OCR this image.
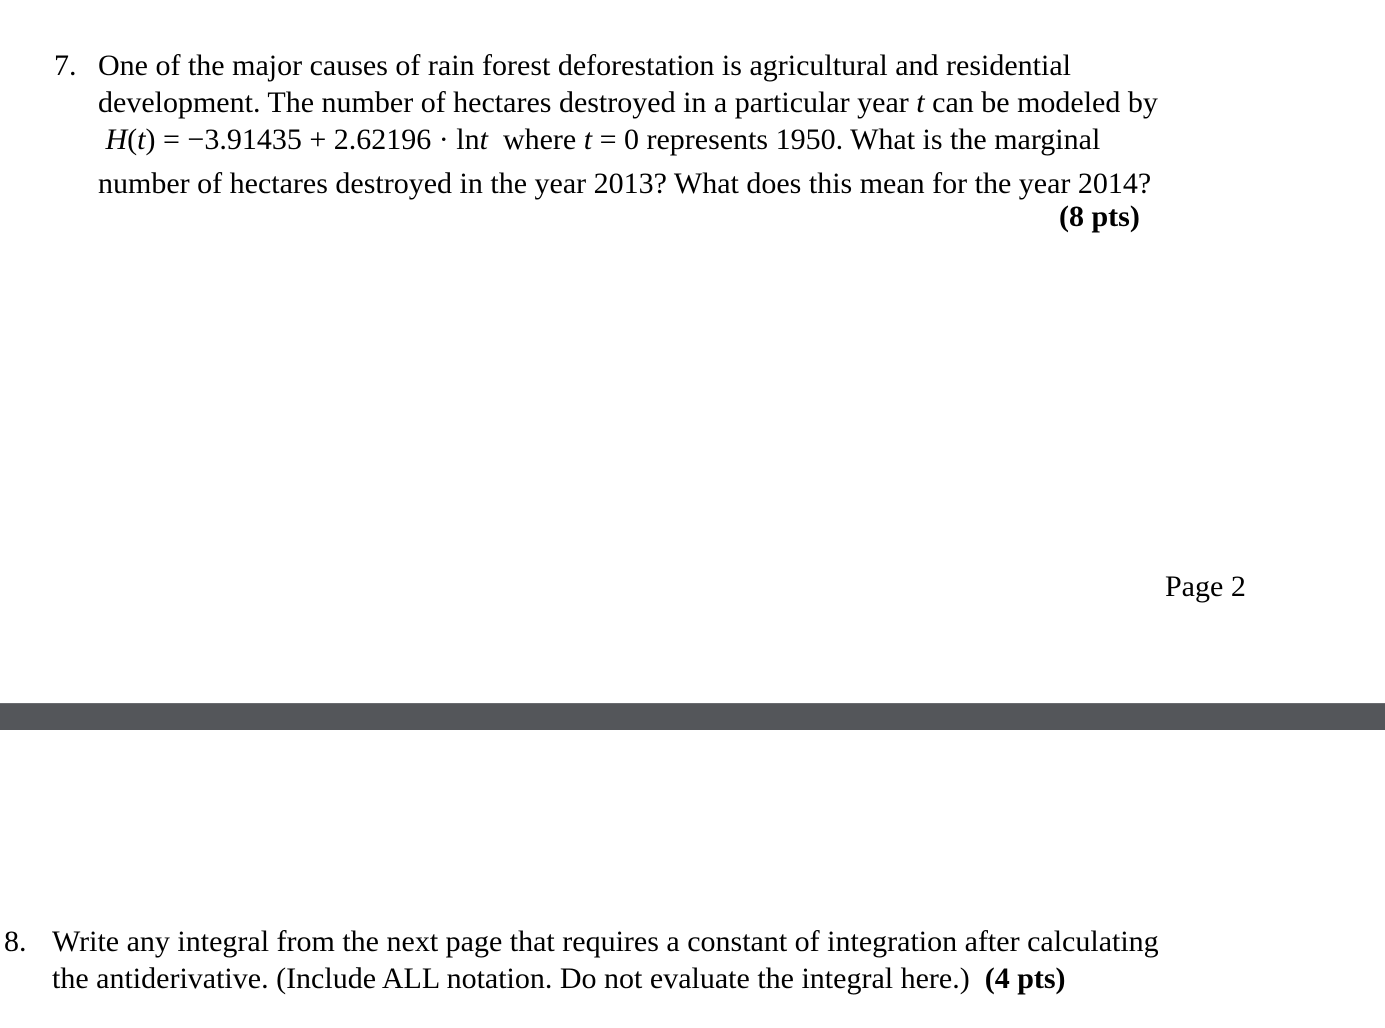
7. One of the major causes of rain forest deforestation is agricultural and residential
development. The number of hectares destroyed in a particular year t can be modeled by
H(t) = −3.91435 + 2.62196 · lnt  where t = 0 represents 1950. What is the marginal
number of hectares destroyed in the year 2013? What does this mean for the year 2014?
(8 pts)
Page 2
8. Write any integral from the next page that requires a constant of integration after calculating
the antiderivative. (Include ALL notation. Do not evaluate the integral here.)  (4 pts)
